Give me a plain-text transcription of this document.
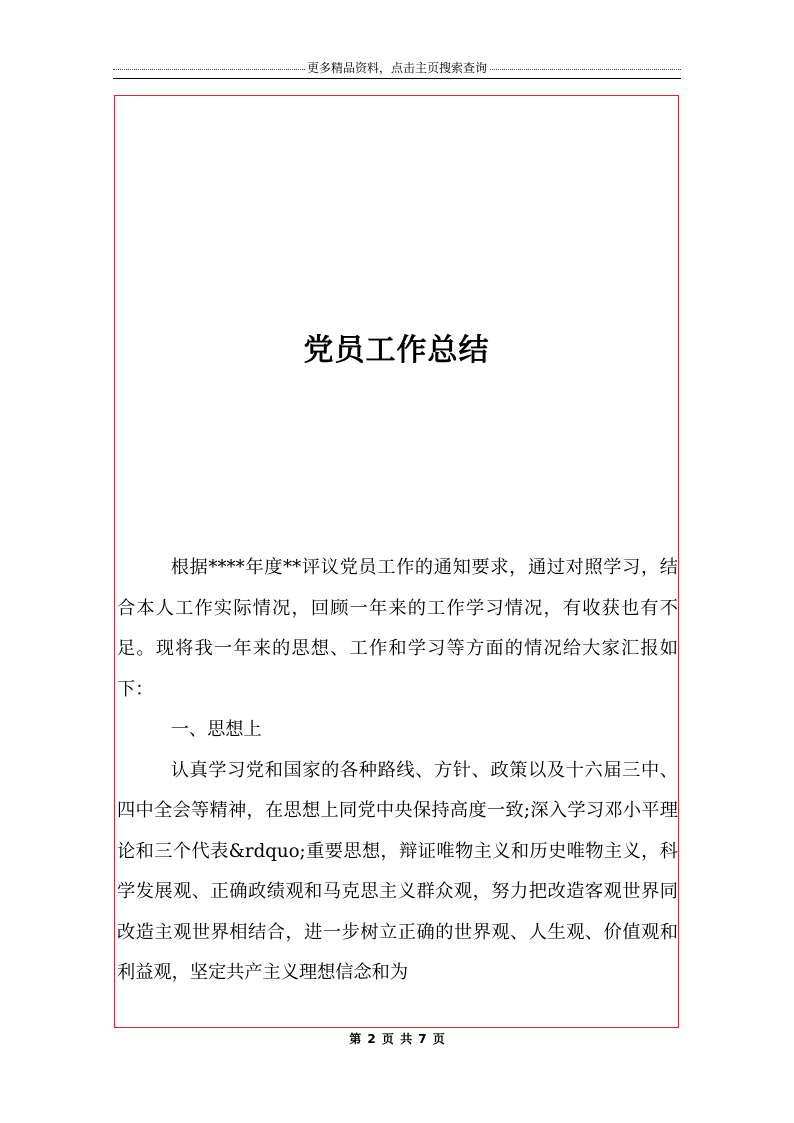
更多精品资料，点击主页搜索查询
党员工作总结

根据****年度**评议党员工作的通知要求，通过对照学习，结合本人工作实际情况，回顾一年来的工作学习情况，有收获也有不足。现将我一年来的思想、工作和学习等方面的情况给大家汇报如下：

一、思想上

认真学习党和国家的各种路线、方针、政策以及十六届三中、四中全会等精神，在思想上同党中央保持高度一致;深入学习邓小平理论和三个代表&rdquo;重要思想，辩证唯物主义和历史唯物主义，科学发展观、正确政绩观和马克思主义群众观，努力把改造客观世界同改造主观世界相结合，进一步树立正确的世界观、人生观、价值观和利益观，坚定共产主义理想信念和为

第 2 页 共 7 页
